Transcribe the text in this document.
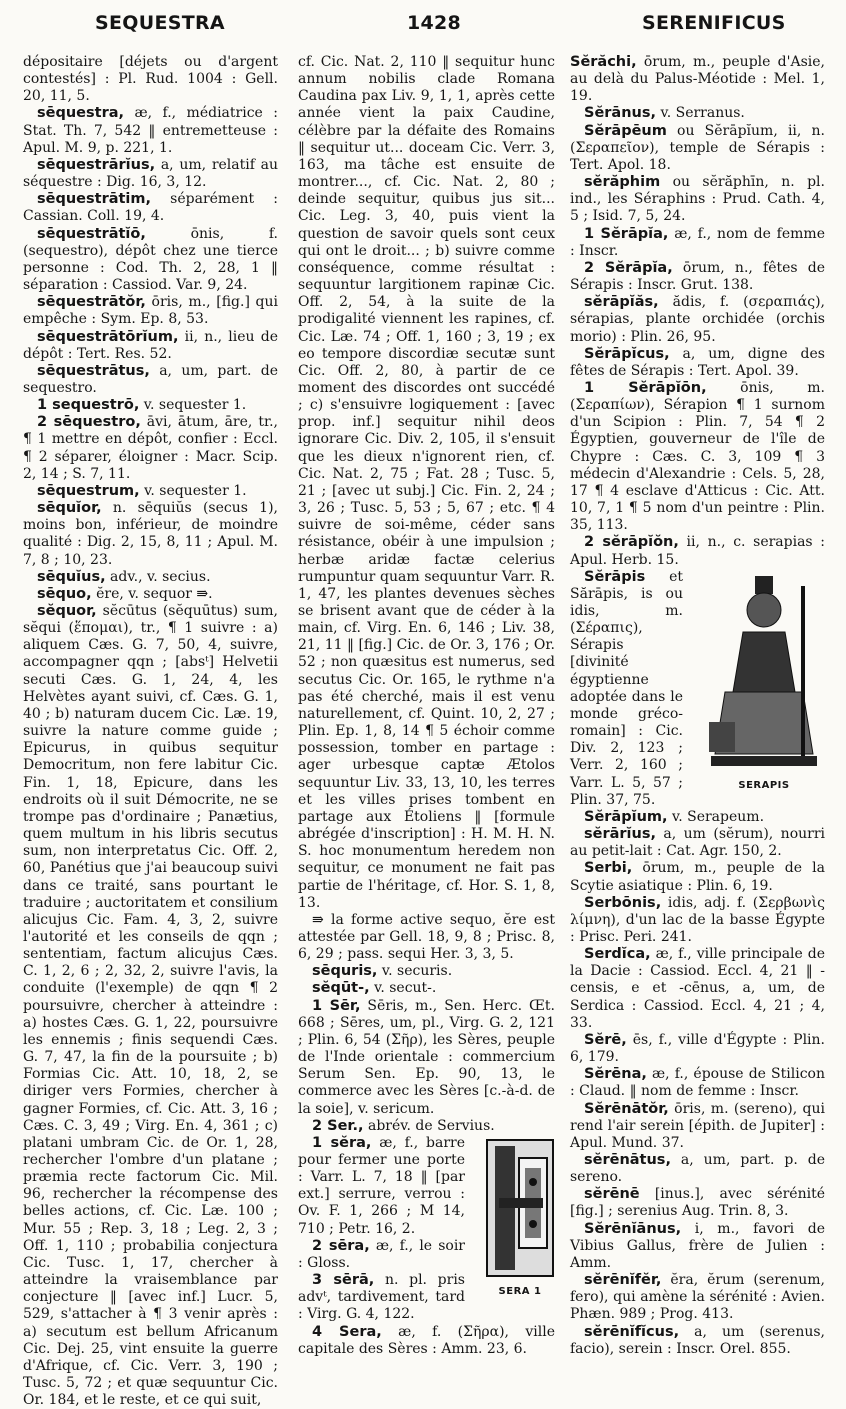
SEQUESTRA	1428	SERENIFICUS

dépositaire [déjets ou d'argent contestés] : Pl. Rud. 1004 : Gell. 20, 11, 5.

sēquestra, æ, f., médiatrice : Stat. Th. 7, 542 ‖ entremetteuse : Apul. M. 9, p. 221, 1.

sēquestrārĭus, a, um, relatif au séquestre : Dig. 16, 3, 12.

sēquestrātim, séparément : Cassian. Coll. 19, 4.

sēquestrātĭō, ōnis, f. (sequestro), dépôt chez une tierce personne : Cod. Th. 2, 28, 1 ‖ séparation : Cassiod. Var. 9, 24.

sēquestrātŏr, ōris, m., [fig.] qui empêche : Sym. Ep. 8, 53.

sēquestrātōrĭum, ii, n., lieu de dépôt : Tert. Res. 52.

sēquestrātus, a, um, part. de sequestro.

1 sequestrō, v. sequester 1.

2 sēquestro, āvi, ātum, āre, tr., ¶ 1 mettre en dépôt, confier : Eccl. ¶ 2 séparer, éloigner : Macr. Scip. 2, 14 ; S. 7, 11.

sēquestrum, v. sequester 1.

sēquĭor, n. sēquiŭs (secus 1), moins bon, inférieur, de moindre qualité : Dig. 2, 15, 8, 11 ; Apul. M. 7, 8 ; 10, 23.

sēquĭus, adv., v. secius.

sēquo, ĕre, v. sequor ⇛.

sĕquor, sĕcūtus (sĕquūtus) sum, sĕqui (ἕπομαι), tr., ¶ 1 suivre : a) aliquem Cæs. G. 7, 50, 4, suivre, accompagner qqn ; [absᵗ] Helvetii secuti Cæs. G. 1, 24, 4, les Helvètes ayant suivi, cf. Cæs. G. 1, 40 ; b) naturam ducem Cic. Læ. 19, suivre la nature comme guide ; Epicurus, in quibus sequitur Democritum, non fere labitur Cic. Fin. 1, 18, Epicure, dans les endroits où il suit Démocrite, ne se trompe pas d'ordinaire ; Panætius, quem multum in his libris secutus sum, non interpretatus Cic. Off. 2, 60, Panétius que j'ai beaucoup suivi dans ce traité, sans pourtant le traduire ; auctoritatem et consilium alicujus Cic. Fam. 4, 3, 2, suivre l'autorité et les conseils de qqn ; sententiam, factum alicujus Cæs. C. 1, 2, 6 ; 2, 32, 2, suivre l'avis, la conduite (l'exemple) de qqn ¶ 2 poursuivre, chercher à atteindre : a) hostes Cæs. G. 1, 22, poursuivre les ennemis ; finis sequendi Cæs. G. 7, 47, la fin de la poursuite ; b) Formias Cic. Att. 10, 18, 2, se diriger vers Formies, chercher à gagner Formies, cf. Cic. Att. 3, 16 ; Cæs. C. 3, 49 ; Virg. En. 4, 361 ; c) platani umbram Cic. de Or. 1, 28, rechercher l'ombre d'un platane ; præmia recte factorum Cic. Mil. 96, rechercher la récompense des belles actions, cf. Cic. Læ. 100 ; Mur. 55 ; Rep. 3, 18 ; Leg. 2, 3 ; Off. 1, 110 ; probabilia conjectura Cic. Tusc. 1, 17, chercher à atteindre la vraisemblance par conjecture ‖ [avec inf.] Lucr. 5, 529, s'attacher à ¶ 3 venir après : a) secutum est bellum Africanum Cic. Dej. 25, vint ensuite la guerre d'Afrique, cf. Cic. Verr. 3, 190 ; Tusc. 5, 72 ; et quæ sequuntur Cic. Or. 184, et le reste, et ce qui suit,

cf. Cic. Nat. 2, 110 ‖ sequitur hunc annum nobilis clade Romana Caudina pax Liv. 9, 1, 1, après cette année vient la paix Caudine, célèbre par la défaite des Romains ‖ sequitur ut... doceam Cic. Verr. 3, 163, ma tâche est ensuite de montrer..., cf. Cic. Nat. 2, 80 ; deinde sequitur, quibus jus sit... Cic. Leg. 3, 40, puis vient la question de savoir quels sont ceux qui ont le droit... ; b) suivre comme conséquence, comme résultat : sequuntur largitionem rapinæ Cic. Off. 2, 54, à la suite de la prodigalité viennent les rapines, cf. Cic. Læ. 74 ; Off. 1, 160 ; 3, 19 ; ex eo tempore discordiæ secutæ sunt Cic. Off. 2, 80, à partir de ce moment des discordes ont succédé ; c) s'ensuivre logiquement : [avec prop. inf.] sequitur nihil deos ignorare Cic. Div. 2, 105, il s'ensuit que les dieux n'ignorent rien, cf. Cic. Nat. 2, 75 ; Fat. 28 ; Tusc. 5, 21 ; [avec ut subj.] Cic. Fin. 2, 24 ; 3, 26 ; Tusc. 5, 53 ; 5, 67 ; etc. ¶ 4 suivre de soi-même, céder sans résistance, obéir à une impulsion ; herbæ aridæ factæ celerius rumpuntur quam sequuntur Varr. R. 1, 47, les plantes devenues sèches se brisent avant que de céder à la main, cf. Virg. En. 6, 146 ; Liv. 38, 21, 11 ‖ [fig.] Cic. de Or. 3, 176 ; Or. 52 ; non quæsitus est numerus, sed secutus Cic. Or. 165, le rythme n'a pas été cherché, mais il est venu naturellement, cf. Quint. 10, 2, 27 ; Plin. Ep. 1, 8, 14 ¶ 5 échoir comme possession, tomber en partage : ager urbesque captæ Ætolos sequuntur Liv. 33, 13, 10, les terres et les villes prises tombent en partage aux Étoliens ‖ [formule abrégée d'inscription] : H. M. H. N. S. hoc monumentum heredem non sequitur, ce monument ne fait pas partie de l'héritage, cf. Hor. S. 1, 8, 13.

⇛ la forme active sequo, ĕre est attestée par Gell. 18, 9, 8 ; Prisc. 8, 6, 29 ; pass. sequi Her. 3, 3, 5.

sēquris, v. securis.

sĕqūt-, v. secut-.

1 Sēr, Sēris, m., Sen. Herc. Œt. 668 ; Sēres, um, pl., Virg. G. 2, 121 ; Plin. 6, 54 (Σῆρ), les Sères, peuple de l'Inde orientale : commercium Serum Sen. Ep. 90, 13, le commerce avec les Sères [c.-à-d. de la soie], v. sericum.

2 Ser., abrév. de Servius.

SERA 1
1 sĕra, æ, f., barre pour fermer une porte : Varr. L. 7, 18 ‖ [par ext.] serrure, verrou : Ov. F. 1, 266 ; M 14, 710 ; Petr. 16, 2.

2 sēra, æ, f., le soir : Gloss.

3 sērā, n. pl. pris advᵗ, tardivement, tard : Virg. G. 4, 122.

4 Sera, æ, f. (Σῆρα), ville capitale des Sères : Amm. 23, 6.

Sĕrăchi, ōrum, m., peuple d'Asie, au delà du Palus-Méotide : Mel. 1, 19.

Sĕrānus, v. Serranus.

Sĕrāpēum ou Sĕrāpĭum, ii, n. (Σεραπεῖον), temple de Sérapis : Tert. Apol. 18.

sĕrăphim ou sĕrăphīn, n. pl. ind., les Séraphins : Prud. Cath. 4, 5 ; Isid. 7, 5, 24.

1 Sĕrāpĭa, æ, f., nom de femme : Inscr.

2 Sĕrāpĭa, ōrum, n., fêtes de Sérapis : Inscr. Grut. 138.

sĕrāpĭăs, ădis, f. (σεραπιάς), sérapias, plante orchidée (orchis morio) : Plin. 26, 95.

Sĕrāpĭcus, a, um, digne des fêtes de Sérapis : Tert. Apol. 39.

1 Sĕrāpĭōn, ōnis, m. (Σεραπίων), Sérapion ¶ 1 surnom d'un Scipion : Plin. 7, 54 ¶ 2 Égyptien, gouverneur de l'île de Chypre : Cæs. C. 3, 109 ¶ 3 médecin d'Alexandrie : Cels. 5, 28, 17 ¶ 4 esclave d'Atticus : Cic. Att. 10, 7, 1 ¶ 5 nom d'un peintre : Plin. 35, 113.

2 sĕrāpĭŏn, ii, n., c. serapias : Apul. Herb. 15.

SERAPIS
Sĕrāpis et Sărāpis, is ou idis, m. (Σέραπις), Sérapis [divinité égyptienne adoptée dans le monde gréco-romain] : Cic. Div. 2, 123 ; Verr. 2, 160 ; Varr. L. 5, 57 ; Plin. 37, 75.

Sĕrāpĭum, v. Serapeum.

sĕrārĭus, a, um (sĕrum), nourri au petit-lait : Cat. Agr. 150, 2.

Serbi, ōrum, m., peuple de la Scytie asiatique : Plin. 6, 19.

Serbōnis, idis, adj. f. (Σερβωνὶς λίμνη), d'un lac de la basse Égypte : Prisc. Peri. 241.

Serdĭca, æ, f., ville principale de la Dacie : Cassiod. Eccl. 4, 21 ‖ -censis, e et -cēnus, a, um, de Serdica : Cassiod. Eccl. 4, 21 ; 4, 33.

Sĕrē, ēs, f., ville d'Égypte : Plin. 6, 179.

Sĕrēna, æ, f., épouse de Stilicon : Claud. ‖ nom de femme : Inscr.

Sĕrēnātŏr, ōris, m. (sereno), qui rend l'air serein [épith. de Jupiter] : Apul. Mund. 37.

sĕrēnātus, a, um, part. p. de sereno.

sĕrēnē [inus.], avec sérénité [fig.] ; serenius Aug. Trin. 8, 3.

Sĕrēnĭānus, i, m., favori de Vibius Gallus, frère de Julien : Amm.

sĕrēnĭfĕr, ĕra, ĕrum (serenum, fero), qui amène la sérénité : Avien. Phæn. 989 ; Prog. 413.

sĕrēnĭfĭcus, a, um (serenus, facio), serein : Inscr. Orel. 855.
